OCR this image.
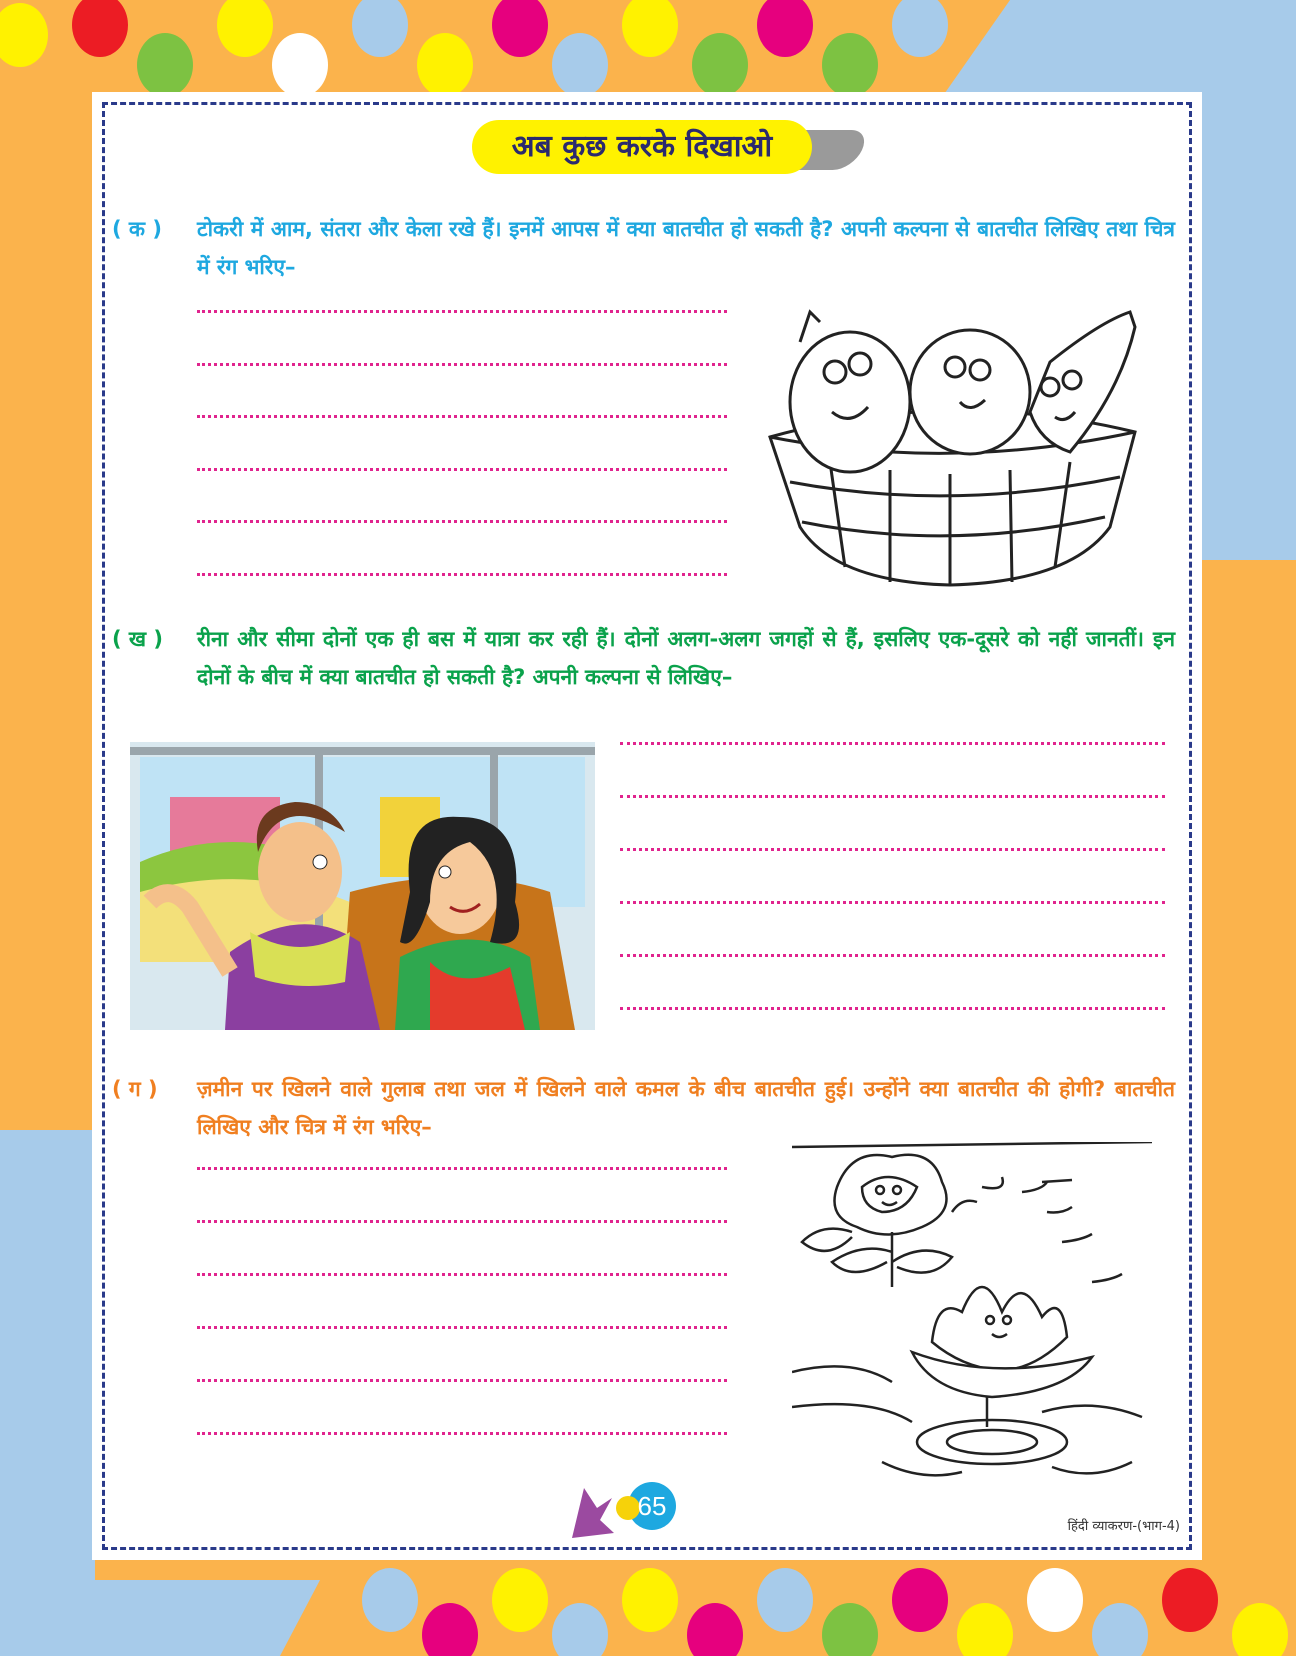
अब कुछ करके दिखाओ
( क )	टोकरी में आम, संतरा और केला रखे हैं। इनमें आपस में क्या बातचीत हो सकती है? अपनी कल्पना से बातचीत लिखिए तथा चित्र में रंग भरिए–
( ख )	रीना और सीमा दोनों एक ही बस में यात्रा कर रही हैं। दोनों अलग-अलग जगहों से हैं, इसलिए एक-दूसरे को नहीं जानतीं। इन दोनों के बीच में क्या बातचीत हो सकती है? अपनी कल्पना से लिखिए–
( ग )	ज़मीन पर खिलने वाले गुलाब तथा जल में खिलने वाले कमल के बीच बातचीत हुई। उन्होंने क्या बातचीत की होगी? बातचीत लिखिए और चित्र में रंग भरिए–
65
हिंदी व्याकरण-(भाग-4)
